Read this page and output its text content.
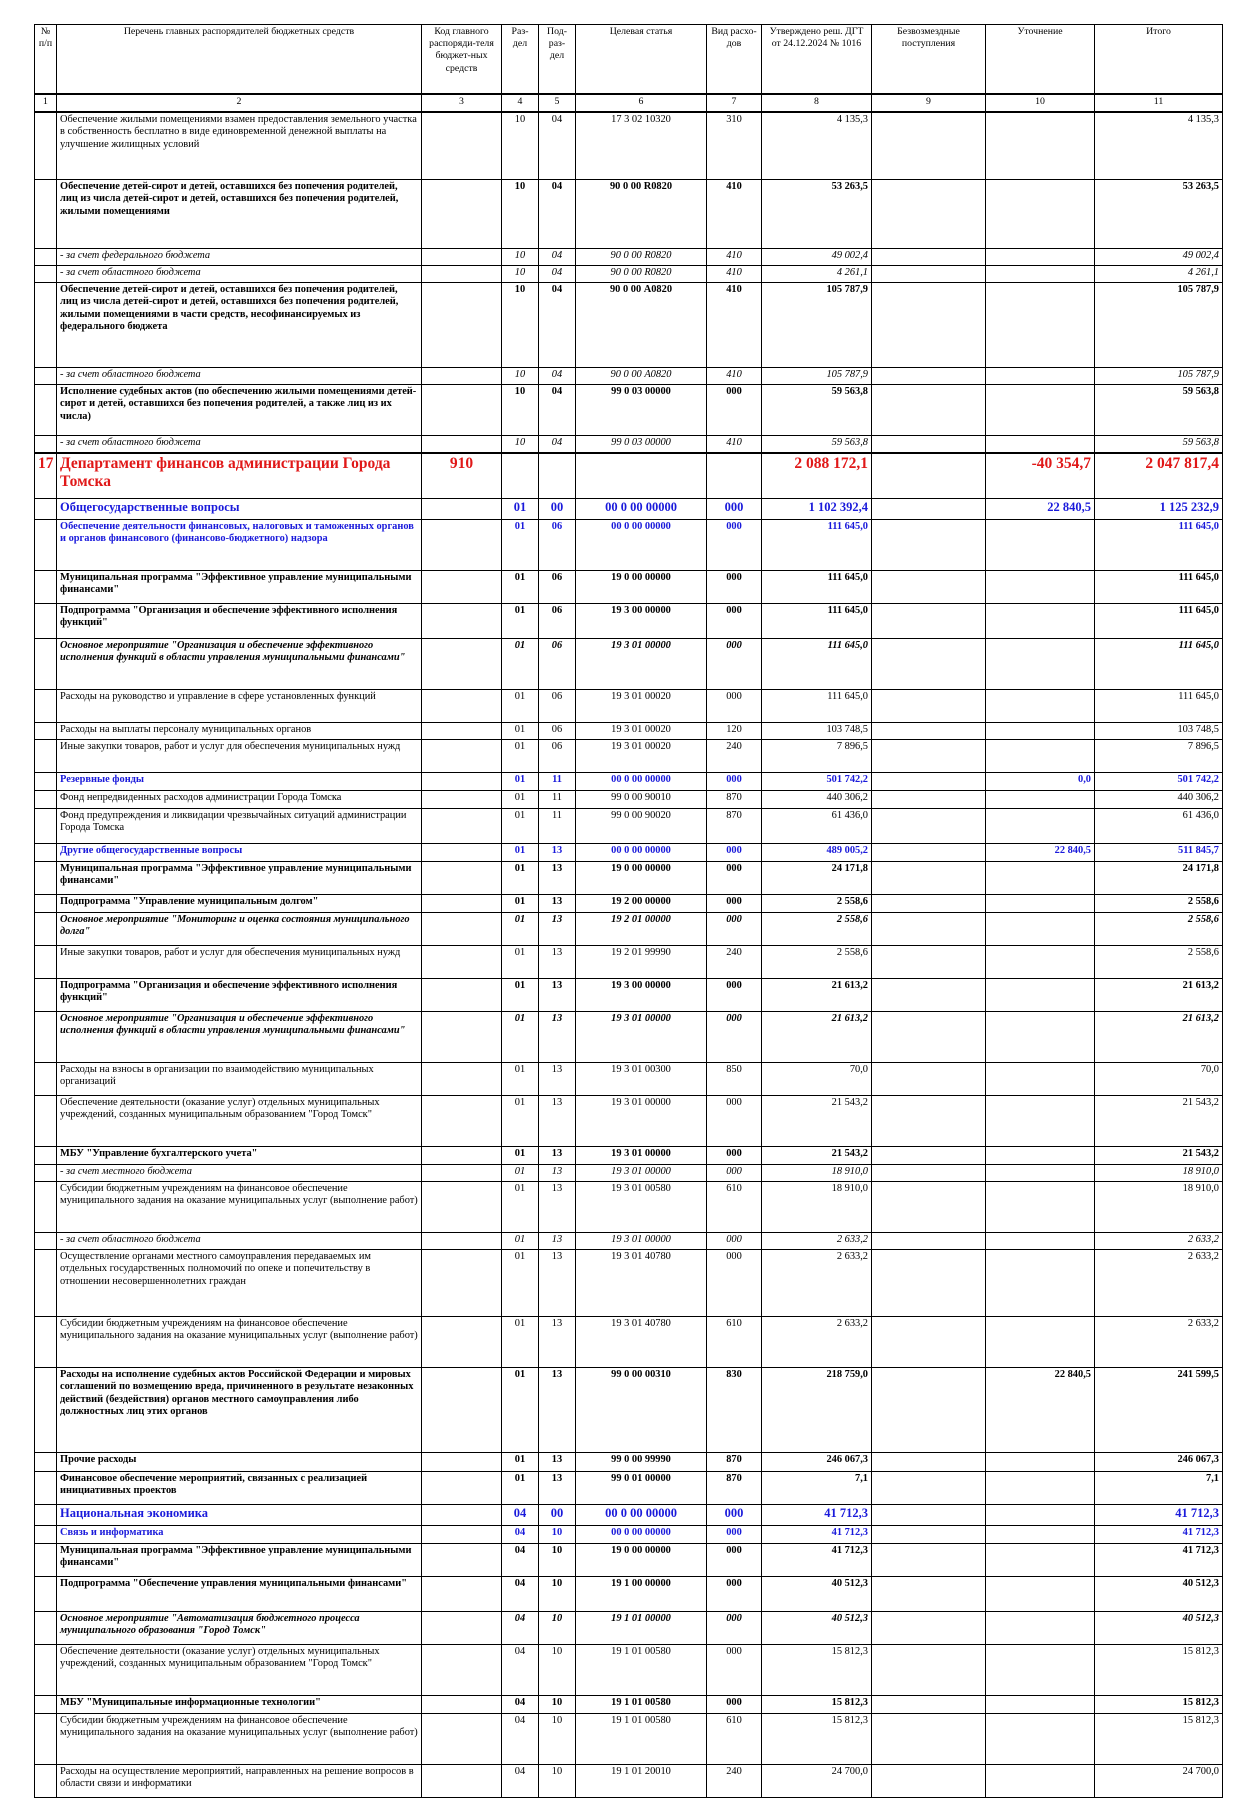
№ п/п	Перечень главных распорядителей бюджетных средств	Код главного распоряди-теля бюджет-ных средств	Раз-дел	Под-раз-дел	Целевая статья	Вид расхо-дов	Утверждено реш. ДГТ от 24.12.2024 № 1016	Безвозмездные поступления	Уточнение	Итого
1	2	3	4	5	6	7	8	9	10	11
	Обеспечение жилыми помещениями взамен предоставления земельного участка в собственность бесплатно в виде единовременной денежной выплаты на улучшение жилищных условий		10	04	17 3 02 10320	310	4 135,3			4 135,3
	Обеспечение детей-сирот и детей, оставшихся без попечения родителей, лиц из числа детей-сирот и детей, оставшихся без попечения родителей, жилыми помещениями		10	04	90 0 00 R0820	410	53 263,5			53 263,5
	- за счет федерального бюджета		10	04	90 0 00 R0820	410	49 002,4			49 002,4
	- за счет областного бюджета		10	04	90 0 00 R0820	410	4 261,1			4 261,1
	Обеспечение детей-сирот и детей, оставшихся без попечения родителей, лиц из числа детей-сирот и детей, оставшихся без попечения родителей, жилыми помещениями в части средств, несофинансируемых из федерального бюджета		10	04	90 0 00 А0820	410	105 787,9			105 787,9
	- за счет областного бюджета		10	04	90 0 00 А0820	410	105 787,9			105 787,9
	Исполнение судебных актов (по обеспечению жилыми помещениями детей-сирот и детей, оставшихся без попечения родителей, а также лиц из их числа)		10	04	99 0 03 00000	000	59 563,8			59 563,8
	- за счет областного бюджета		10	04	99 0 03 00000	410	59 563,8			59 563,8
17	Департамент финансов администрации Города Томска	910					2 088 172,1		-40 354,7	2 047 817,4
	Общегосударственные вопросы		01	00	00 0 00 00000	000	1 102 392,4		22 840,5	1 125 232,9
	Обеспечение деятельности финансовых, налоговых и таможенных органов и органов финансового (финансово-бюджетного) надзора		01	06	00 0 00 00000	000	111 645,0			111 645,0
	Муниципальная программа "Эффективное управление муниципальными финансами"		01	06	19 0 00 00000	000	111 645,0			111 645,0
	Подпрограмма "Организация и обеспечение эффективного исполнения функций"		01	06	19 3 00 00000	000	111 645,0			111 645,0
	Основное мероприятие "Организация и обеспечение эффективного исполнения функций в области управления муниципальными финансами"		01	06	19 3 01 00000	000	111 645,0			111 645,0
	Расходы на руководство и управление в сфере установленных функций		01	06	19 3 01 00020	000	111 645,0			111 645,0
	Расходы на выплаты персоналу муниципальных органов		01	06	19 3 01 00020	120	103 748,5			103 748,5
	Иные закупки товаров, работ и услуг для обеспечения муниципальных нужд		01	06	19 3 01 00020	240	7 896,5			7 896,5
	Резервные фонды		01	11	00 0 00 00000	000	501 742,2		0,0	501 742,2
	Фонд непредвиденных расходов администрации Города Томска		01	11	99 0 00 90010	870	440 306,2			440 306,2
	Фонд предупреждения и ликвидации чрезвычайных ситуаций администрации Города Томска		01	11	99 0 00 90020	870	61 436,0			61 436,0
	Другие общегосударственные вопросы		01	13	00 0 00 00000	000	489 005,2		22 840,5	511 845,7
	Муниципальная программа "Эффективное управление муниципальными финансами"		01	13	19 0 00 00000	000	24 171,8			24 171,8
	Подпрограмма "Управление муниципальным долгом"		01	13	19 2 00 00000	000	2 558,6			2 558,6
	Основное мероприятие "Мониторинг и оценка состояния муниципального долга"		01	13	19 2 01 00000	000	2 558,6			2 558,6
	Иные закупки товаров, работ и услуг для обеспечения муниципальных нужд		01	13	19 2 01 99990	240	2 558,6			2 558,6
	Подпрограмма "Организация и обеспечение эффективного исполнения функций"		01	13	19 3 00 00000	000	21 613,2			21 613,2
	Основное мероприятие "Организация и обеспечение эффективного исполнения функций в области управления муниципальными финансами"		01	13	19 3 01 00000	000	21 613,2			21 613,2
	Расходы на взносы в организации по взаимодействию муниципальных организаций		01	13	19 3 01 00300	850	70,0			70,0
	Обеспечение деятельности (оказание услуг) отдельных муниципальных учреждений, созданных муниципальным образованием "Город Томск"		01	13	19 3 01 00000	000	21 543,2			21 543,2
	МБУ "Управление бухгалтерского учета"		01	13	19 3 01 00000	000	21 543,2			21 543,2
	- за счет местного бюджета		01	13	19 3 01 00000	000	18 910,0			18 910,0
	Субсидии бюджетным учреждениям на финансовое обеспечение муниципального задания на оказание муниципальных услуг (выполнение работ)		01	13	19 3 01 00580	610	18 910,0			18 910,0
	- за счет областного бюджета		01	13	19 3 01 00000	000	2 633,2			2 633,2
	Осуществление органами местного самоуправления передаваемых им отдельных государственных полномочий по опеке и попечительству в отношении несовершеннолетних граждан		01	13	19 3 01 40780	000	2 633,2			2 633,2
	Субсидии бюджетным учреждениям на финансовое обеспечение муниципального задания на оказание муниципальных услуг (выполнение работ)		01	13	19 3 01 40780	610	2 633,2			2 633,2
	Расходы на исполнение судебных актов Российской Федерации и мировых соглашений по возмещению вреда, причиненного в результате незаконных действий (бездействия) органов местного самоуправления либо должностных лиц этих органов		01	13	99 0 00 00310	830	218 759,0		22 840,5	241 599,5
	Прочие расходы		01	13	99 0 00 99990	870	246 067,3			246 067,3
	Финансовое обеспечение мероприятий, связанных с реализацией инициативных проектов		01	13	99 0 01 00000	870	7,1			7,1
	Национальная экономика		04	00	00 0 00 00000	000	41 712,3			41 712,3
	Связь и информатика		04	10	00 0 00 00000	000	41 712,3			41 712,3
	Муниципальная программа "Эффективное управление муниципальными финансами"		04	10	19 0 00 00000	000	41 712,3			41 712,3
	Подпрограмма "Обеспечение управления муниципальными финансами"		04	10	19 1 00 00000	000	40 512,3			40 512,3
	Основное мероприятие "Автоматизация бюджетного процесса муниципального образования "Город Томск"		04	10	19 1 01 00000	000	40 512,3			40 512,3
	Обеспечение деятельности (оказание услуг) отдельных муниципальных учреждений, созданных муниципальным образованием "Город Томск"		04	10	19 1 01 00580	000	15 812,3			15 812,3
	МБУ "Муниципальные информационные технологии"		04	10	19 1 01 00580	000	15 812,3			15 812,3
	Субсидии бюджетным учреждениям на финансовое обеспечение муниципального задания на оказание муниципальных услуг (выполнение работ)		04	10	19 1 01 00580	610	15 812,3			15 812,3
	Расходы на осуществление мероприятий, направленных на решение вопросов в области связи и информатики		04	10	19 1 01 20010	240	24 700,0			24 700,0
